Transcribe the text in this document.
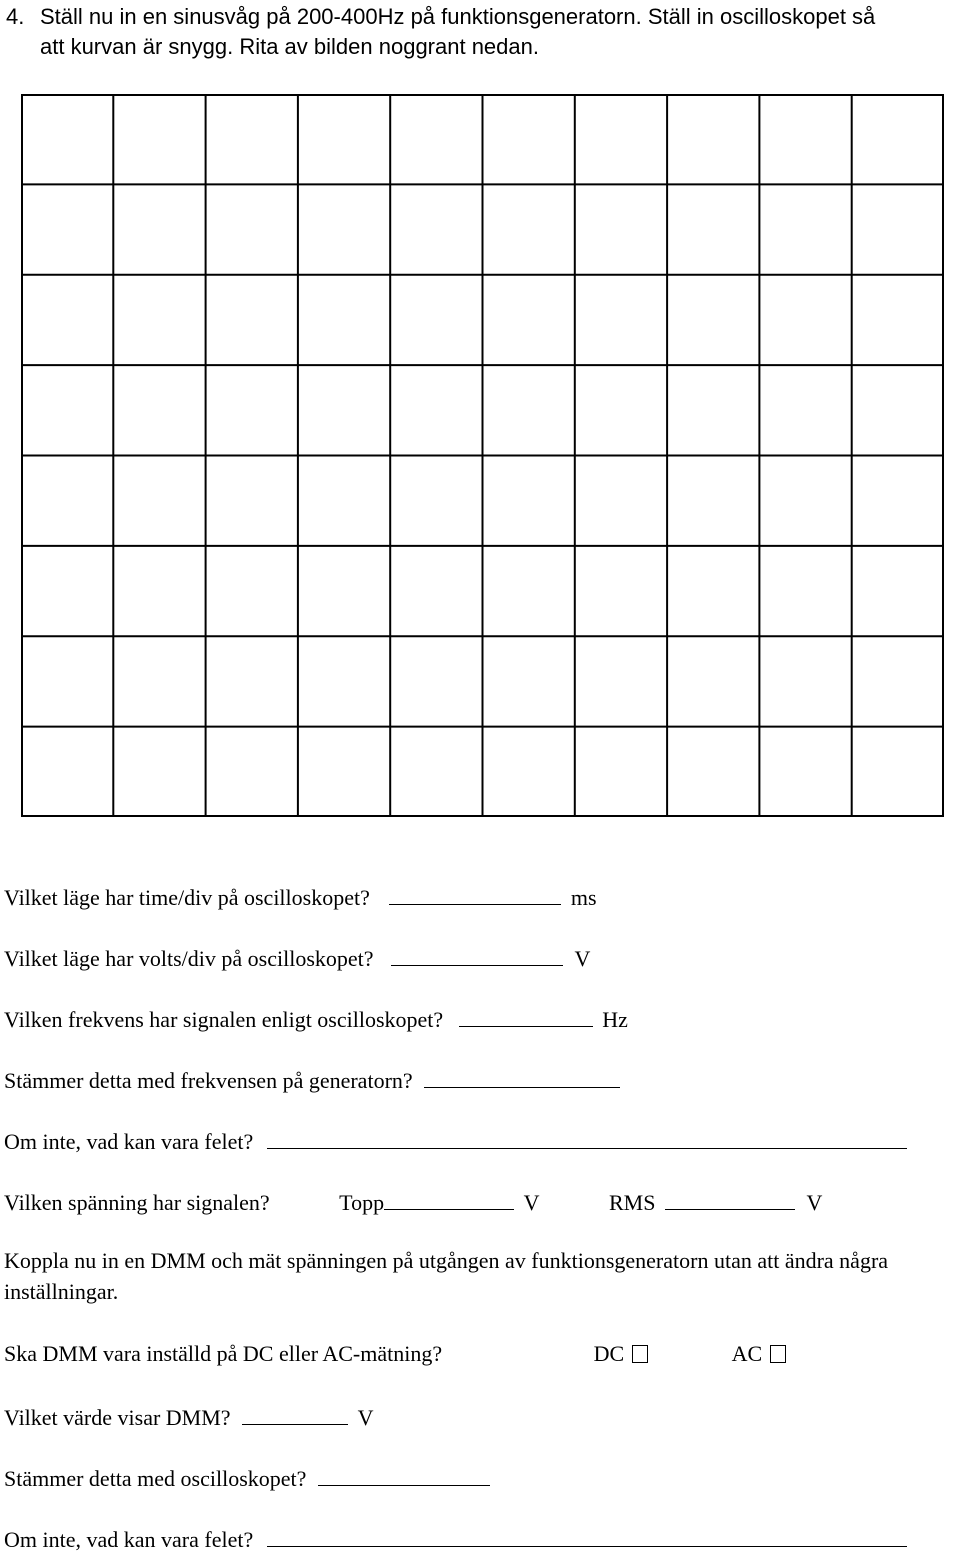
4. Ställ nu in en sinusvåg på 200-400Hz på funktionsgeneratorn. Ställ in oscilloskopet så
att kurvan är snygg. Rita av bilden noggrant nedan.
Vilket läge har time/div på oscilloskopet?	ms
Vilket läge har volts/div på oscilloskopet?	V
Vilken frekvens har signalen enligt oscilloskopet?	Hz
Stämmer detta med frekvensen på generatorn?
Om inte, vad kan vara felet?
Vilken spänning har signalen?	Topp	V	RMS	V
Koppla nu in en DMM och mät spänningen på utgången av funktionsgeneratorn utan att ändra några inställningar.
Ska DMM vara inställd på DC eller AC-mätning?	DC	AC
Vilket värde visar DMM?	V
Stämmer detta med oscilloskopet?
Om inte, vad kan vara felet?
